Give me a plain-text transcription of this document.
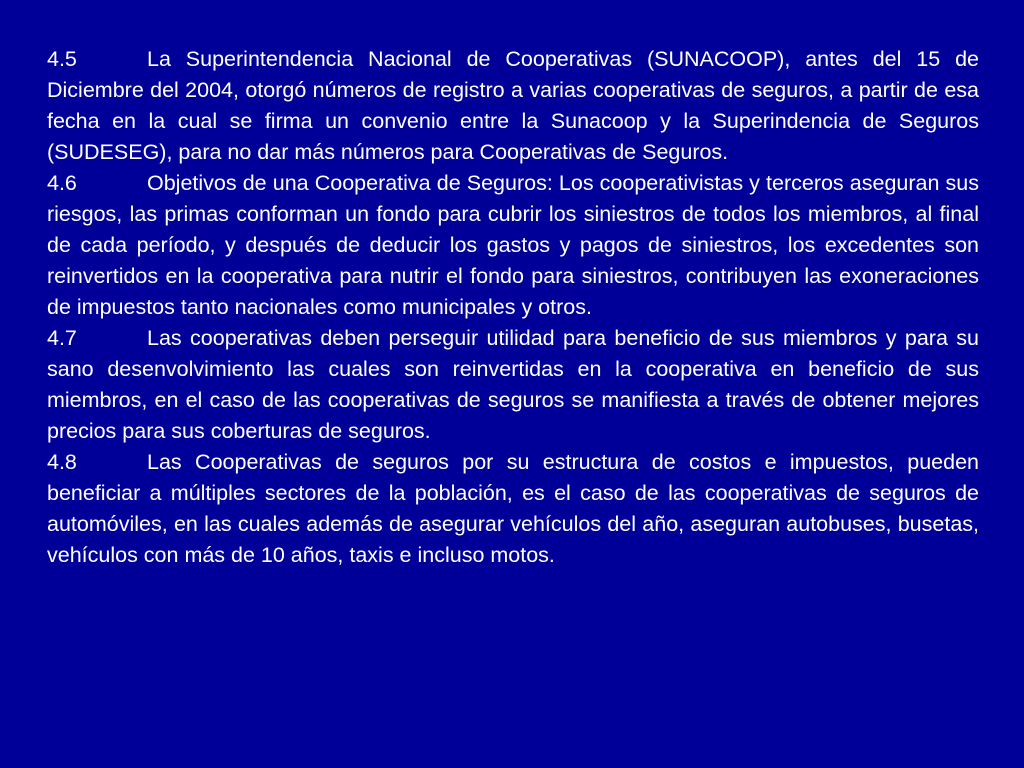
4.5	La Superintendencia Nacional de Cooperativas (SUNACOOP), antes del 15 de Diciembre del 2004, otorgó números de registro a varias cooperativas de seguros, a partir de esa fecha en la cual se firma un convenio entre la Sunacoop y la Superindencia de Seguros (SUDESEG), para no dar más números para Cooperativas de Seguros.

4.6	Objetivos de una Cooperativa de Seguros: Los cooperativistas y terceros aseguran sus riesgos, las primas conforman un fondo para cubrir los siniestros de todos los miembros, al final de cada período, y después de deducir los gastos y pagos de siniestros, los excedentes son reinvertidos en la cooperativa para nutrir el fondo para siniestros, contribuyen las exoneraciones de impuestos tanto nacionales como municipales y otros.

4.7	Las cooperativas deben perseguir utilidad para beneficio de sus miembros y para su sano desenvolvimiento las cuales son reinvertidas en la cooperativa en beneficio de sus miembros, en el caso de las cooperativas de seguros se manifiesta a través de obtener mejores precios para sus coberturas de seguros.

4.8	Las Cooperativas de seguros por su estructura de costos e impuestos, pueden beneficiar a múltiples sectores de la población, es el caso de las cooperativas de seguros de automóviles, en las cuales además de asegurar vehículos del año, aseguran autobuses, busetas, vehículos con más de 10 años, taxis e incluso motos.
